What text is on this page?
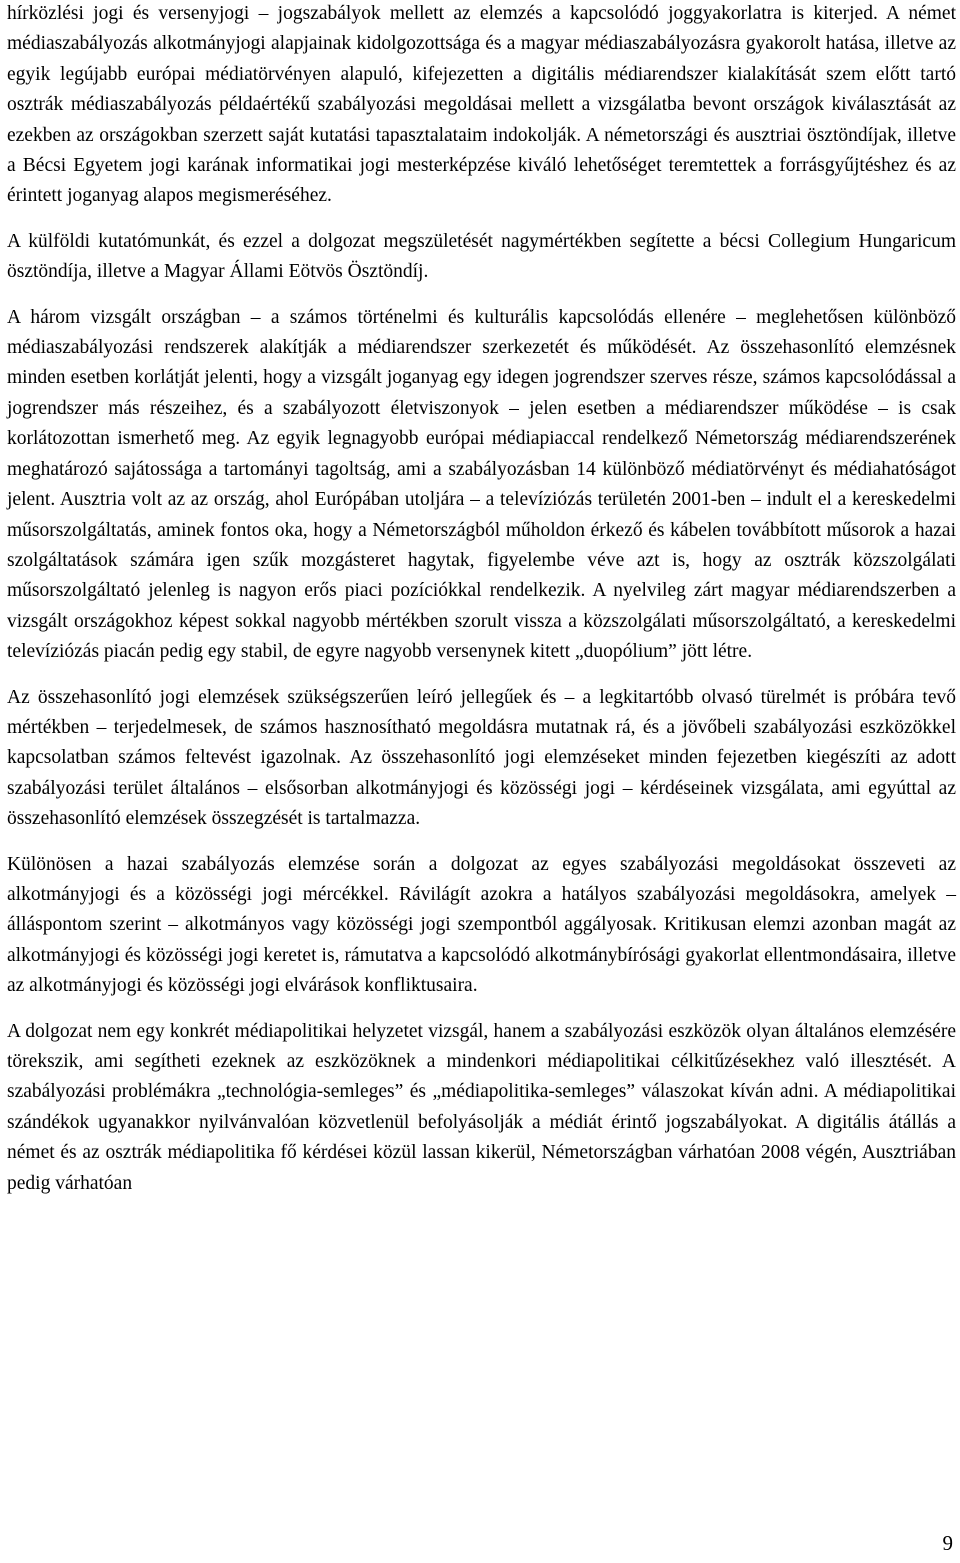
hírközlési jogi és versenyjogi – jogszabályok mellett az elemzés a kapcsolódó joggyakorlatra is kiterjed. A német médiaszabályozás alkotmányjogi alapjainak kidolgozottsága és a magyar médiaszabályozásra gyakorolt hatása, illetve az egyik legújabb európai médiatörvényen alapuló, kifejezetten a digitális médiarendszer kialakítását szem előtt tartó osztrák médiaszabályozás példaértékű szabályozási megoldásai mellett a vizsgálatba bevont országok kiválasztását az ezekben az országokban szerzett saját kutatási tapasztalataim indokolják. A németországi és ausztriai ösztöndíjak, illetve a Bécsi Egyetem jogi karának informatikai jogi mesterképzése kiváló lehetőséget teremtettek a forrásgyűjtéshez és az érintett joganyag alapos megismeréséhez.

A külföldi kutatómunkát, és ezzel a dolgozat megszületését nagymértékben segítette a bécsi Collegium Hungaricum ösztöndíja, illetve a Magyar Állami Eötvös Ösztöndíj.

A három vizsgált országban – a számos történelmi és kulturális kapcsolódás ellenére – meglehetősen különböző médiaszabályozási rendszerek alakítják a médiarendszer szerkezetét és működését. Az összehasonlító elemzésnek minden esetben korlátját jelenti, hogy a vizsgált joganyag egy idegen jogrendszer szerves része, számos kapcsolódással a jogrendszer más részeihez, és a szabályozott életviszonyok – jelen esetben a médiarendszer működése – is csak korlátozottan ismerhető meg. Az egyik legnagyobb európai médiapiaccal rendelkező Németország médiarendszerének meghatározó sajátossága a tartományi tagoltság, ami a szabályozásban 14 különböző médiatörvényt és médiahatóságot jelent. Ausztria volt az az ország, ahol Európában utoljára – a televíziózás területén 2001-ben – indult el a kereskedelmi műsorszolgáltatás, aminek fontos oka, hogy a Németországból műholdon érkező és kábelen továbbított műsorok a hazai szolgáltatások számára igen szűk mozgásteret hagytak, figyelembe véve azt is, hogy az osztrák közszolgálati műsorszolgáltató jelenleg is nagyon erős piaci pozíciókkal rendelkezik. A nyelvileg zárt magyar médiarendszerben a vizsgált országokhoz képest sokkal nagyobb mértékben szorult vissza a közszolgálati műsorszolgáltató, a kereskedelmi televíziózás piacán pedig egy stabil, de egyre nagyobb versenynek kitett „duopólium” jött létre.

Az összehasonlító jogi elemzések szükségszerűen leíró jellegűek és – a legkitartóbb olvasó türelmét is próbára tevő mértékben – terjedelmesek, de számos hasznosítható megoldásra mutatnak rá, és a jövőbeli szabályozási eszközökkel kapcsolatban számos feltevést igazolnak. Az összehasonlító jogi elemzéseket minden fejezetben kiegészíti az adott szabályozási terület általános – elsősorban alkotmányjogi és közösségi jogi – kérdéseinek vizsgálata, ami egyúttal az összehasonlító elemzések összegzését is tartalmazza.

Különösen a hazai szabályozás elemzése során a dolgozat az egyes szabályozási megoldásokat összeveti az alkotmányjogi és a közösségi jogi mércékkel. Rávilágít azokra a hatályos szabályozási megoldásokra, amelyek – álláspontom szerint – alkotmányos vagy közösségi jogi szempontból aggályosak. Kritikusan elemzi azonban magát az alkotmányjogi és közösségi jogi keretet is, rámutatva a kapcsolódó alkotmánybírósági gyakorlat ellentmondásaira, illetve az alkotmányjogi és közösségi jogi elvárások konfliktusaira.

A dolgozat nem egy konkrét médiapolitikai helyzetet vizsgál, hanem a szabályozási eszközök olyan általános elemzésére törekszik, ami segítheti ezeknek az eszközöknek a mindenkori médiapolitikai célkitűzésekhez való illesztését. A szabályozási problémákra „technológia-semleges” és „médiapolitika-semleges” válaszokat kíván adni. A médiapolitikai szándékok ugyanakkor nyilvánvalóan közvetlenül befolyásolják a médiát érintő jogszabályokat. A digitális átállás a német és az osztrák médiapolitika fő kérdései közül lassan kikerül, Németországban várhatóan 2008 végén, Ausztriában pedig várhatóan

9
